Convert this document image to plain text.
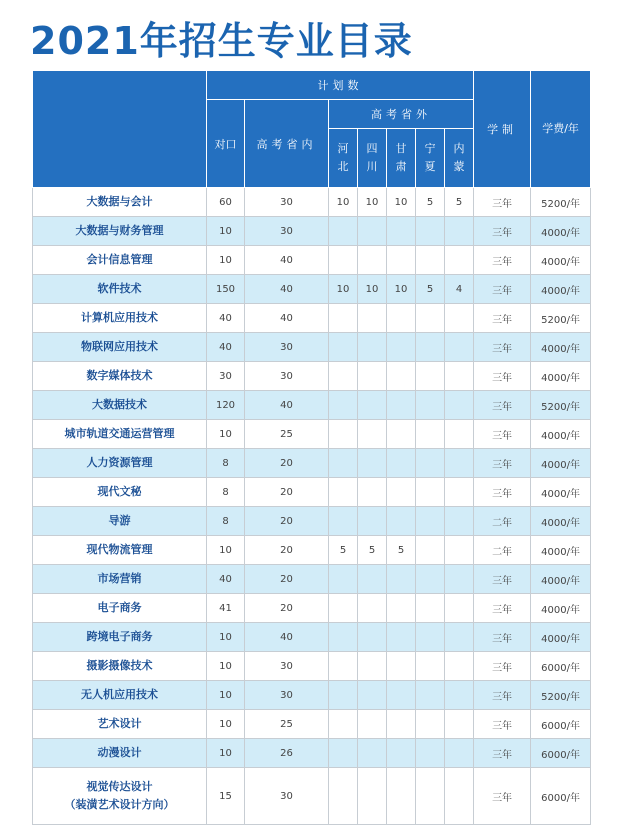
2021年招生专业目录
	计划数							学制	学费/年
	对口	高考省内	高考省外						
			河北	四川	甘肃	宁夏	内蒙		

大数据与会计	60	30	10	10	10	5	5	三年	5200/年

大数据与财务管理	10	30						三年	4000/年

会计信息管理	10	40						三年	4000/年

软件技术	150	40	10	10	10	5	4	三年	4000/年

计算机应用技术	40	40						三年	5200/年

物联网应用技术	40	30						三年	4000/年

数字媒体技术	30	30						三年	4000/年

大数据技术	120	40						三年	5200/年

城市轨道交通运营管理	10	25						三年	4000/年

人力资源管理	8	20						三年	4000/年

现代文秘	8	20						三年	4000/年

导游	8	20						二年	4000/年

现代物流管理	10	20	5	5	5			二年	4000/年

市场营销	40	20						三年	4000/年

电子商务	41	20						三年	4000/年

跨境电子商务	10	40						三年	4000/年

摄影摄像技术	10	30						三年	6000/年

无人机应用技术	10	30						三年	5200/年

艺术设计	10	25						三年	6000/年

动漫设计	10	26						三年	6000/年

视觉传达设计
（装潢艺术设计方向）	15	30						三年	6000/年
